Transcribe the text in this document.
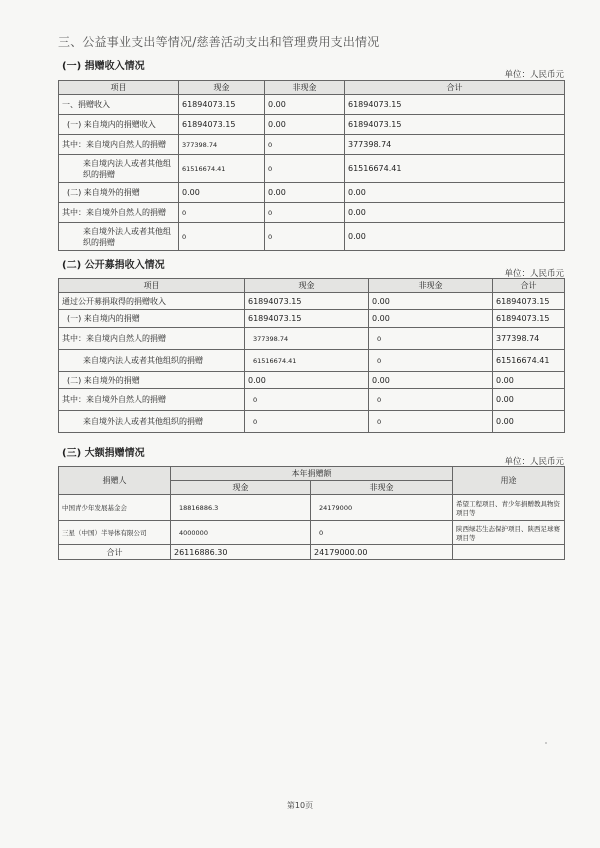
三、公益事业支出等情况/慈善活动支出和管理费用支出情况
(一) 捐赠收入情况
单位：人民币元
项目	现金	非现金	合计
一、捐赠收入	61894073.15	0.00	61894073.15
(一) 来自境内的捐赠收入	61894073.15	0.00	61894073.15
其中：来自境内自然人的捐赠	377398.74	0	377398.74
来自境内法人或者其他组织的捐赠	61516674.41	0	61516674.41
(二) 来自境外的捐赠	0.00	0.00	0.00
其中：来自境外自然人的捐赠	0	0	0.00
来自境外法人或者其他组织的捐赠	0	0	0.00
(二) 公开募捐收入情况
单位：人民币元
项目	现金	非现金	合计
通过公开募捐取得的捐赠收入	61894073.15	0.00	61894073.15
(一) 来自境内的捐赠	61894073.15	0.00	61894073.15
其中：来自境内自然人的捐赠	377398.74	0	377398.74
来自境内法人或者其他组织的捐赠	61516674.41	0	61516674.41
(二) 来自境外的捐赠	0.00	0.00	0.00
其中：来自境外自然人的捐赠	0	0	0.00
来自境外法人或者其他组织的捐赠	0	0	0.00
(三) 大额捐赠情况
单位：人民币元
捐赠人	本年捐赠额		用途
	现金	非现金	
中国青少年发展基金会	18816886.3	24179000	希望工程项目、青少年捐赠教具物资项目等
三星（中国）半导体有限公司	4000000	0	陕西绿芯生态保护项目、陕西足球赛项目等
合计	26116886.30	24179000.00	
第10页
